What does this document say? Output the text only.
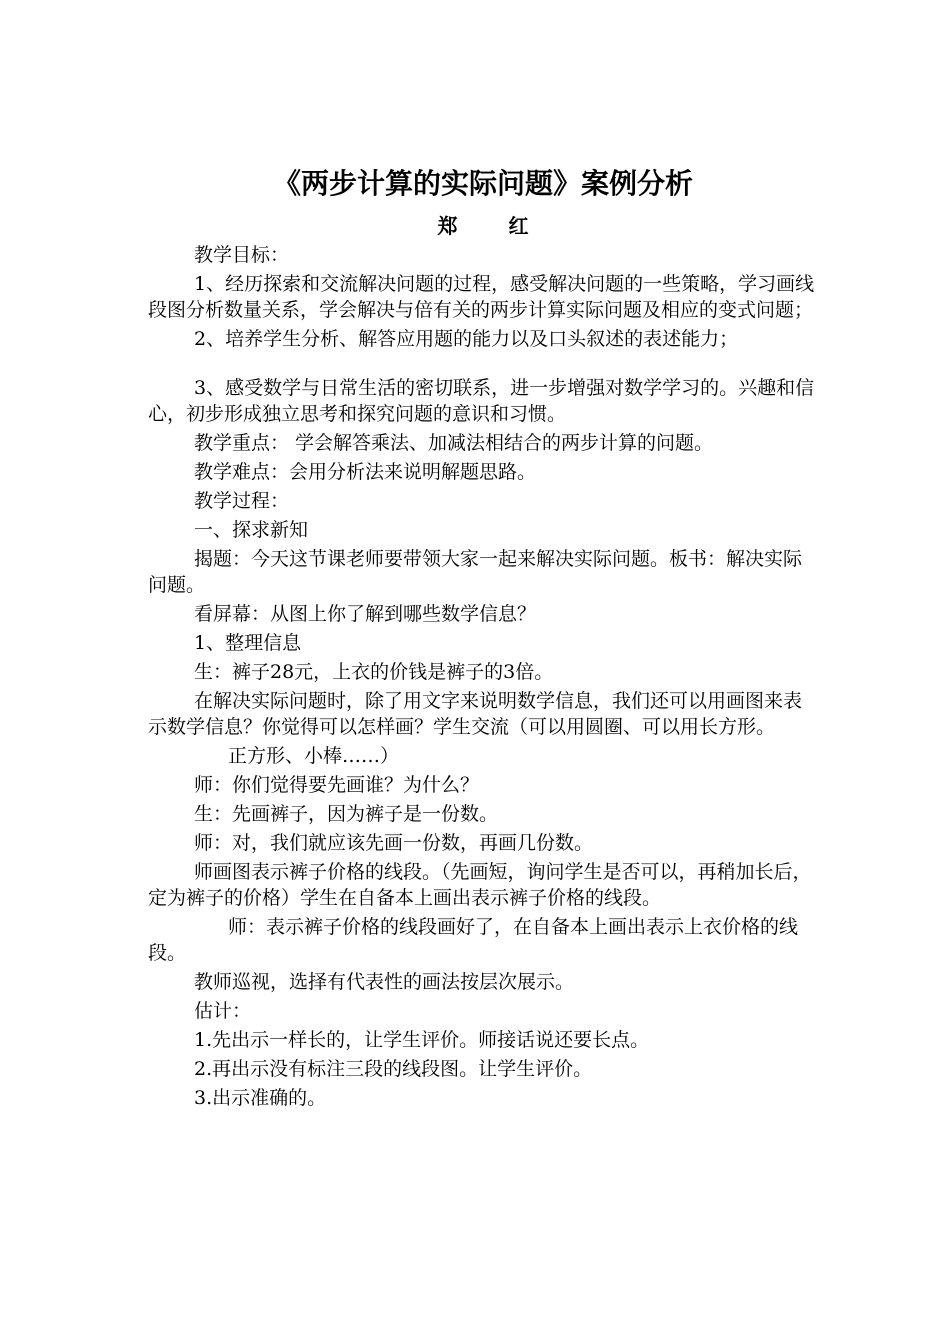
《两步计算的实际问题》案例分析
郑 红

教学目标：

1、经历探索和交流解决问题的过程，感受解决问题的一些策略，学习画线段图分析数量关系，学会解决与倍有关的两步计算实际问题及相应的变式问题；

2、培养学生分析、解答应用题的能力以及口头叙述的表述能力；

3、感受数学与日常生活的密切联系，进一步增强对数学学习的。兴趣和信心，初步形成独立思考和探究问题的意识和习惯。

教学重点： 学会解答乘法、加减法相结合的两步计算的问题。

教学难点：会用分析法来说明解题思路。

教学过程：

一、探求新知

揭题：今天这节课老师要带领大家一起来解决实际问题。板书：解决实际问题。

看屏幕：从图上你了解到哪些数学信息？

1、整理信息

生：裤子28元，上衣的价钱是裤子的3倍。

在解决实际问题时，除了用文字来说明数学信息，我们还可以用画图来表示数学信息？你觉得可以怎样画？学生交流（可以用圆圈、可以用长方形。

正方形、小棒……）

师：你们觉得要先画谁？为什么？

生：先画裤子，因为裤子是一份数。

师：对，我们就应该先画一份数，再画几份数。

师画图表示裤子价格的线段。（先画短，询问学生是否可以，再稍加长后，定为裤子的价格）学生在自备本上画出表示裤子价格的线段。

师：表示裤子价格的线段画好了，在自备本上画出表示上衣价格的线段。

教师巡视，选择有代表性的画法按层次展示。

估计：

1.先出示一样长的，让学生评价。师接话说还要长点。

2.再出示没有标注三段的线段图。让学生评价。

3.出示准确的。
